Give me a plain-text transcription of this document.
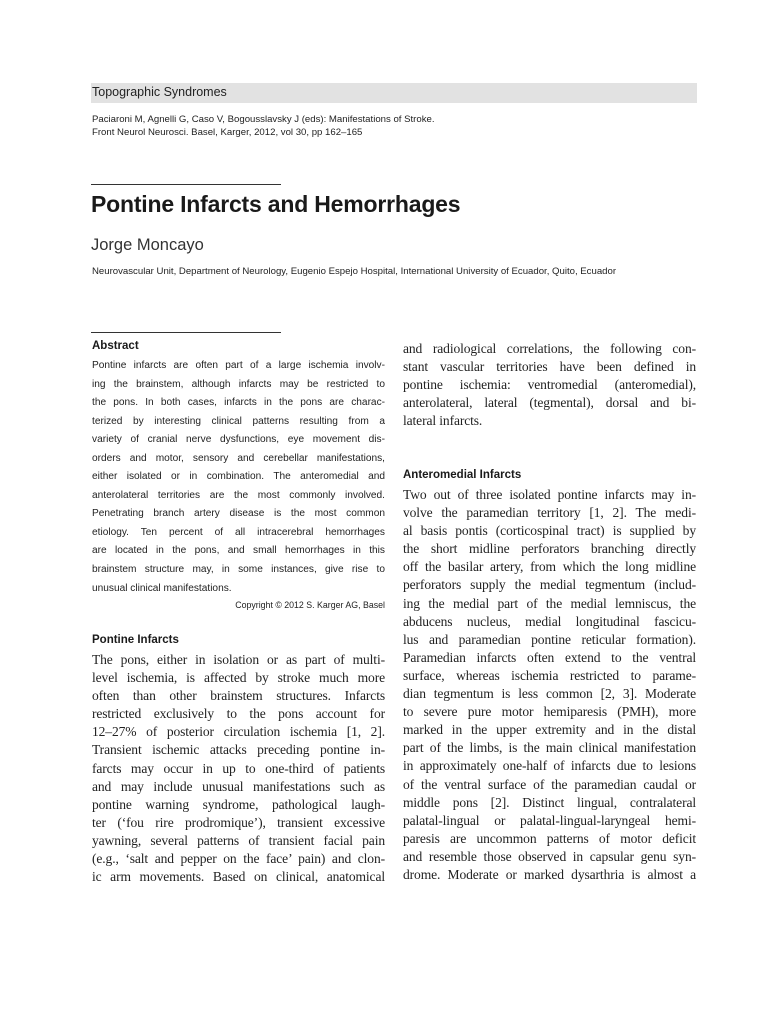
Topographic Syndromes
Paciaroni M, Agnelli G, Caso V, Bogousslavsky J (eds): Manifestations of Stroke.
Front Neurol Neurosci. Basel, Karger, 2012, vol 30, pp 162–165
Pontine Infarcts and Hemorrhages
Jorge Moncayo
Neurovascular Unit, Department of Neurology, Eugenio Espejo Hospital, International University of Ecuador, Quito, Ecuador
Abstract
Pontine infarcts are often part of a large ischemia involv-
ing the brainstem, although infarcts may be restricted to
the pons. In both cases, infarcts in the pons are charac-
terized by interesting clinical patterns resulting from a
variety of cranial nerve dysfunctions, eye movement dis-
orders and motor, sensory and cerebellar manifestations,
either isolated or in combination. The anteromedial and
anterolateral territories are the most commonly involved.
Penetrating branch artery disease is the most common
etiology. Ten percent of all intracerebral hemorrhages
are located in the pons, and small hemorrhages in this
brainstem structure may, in some instances, give rise to
unusual clinical manifestations.
Copyright © 2012 S. Karger AG, Basel
Pontine Infarcts
The pons, either in isolation or as part of multi-
level ischemia, is affected by stroke much more
often than other brainstem structures. Infarcts
restricted exclusively to the pons account for
12–27% of posterior circulation ischemia [1, 2].
Transient ischemic attacks preceding pontine in-
farcts may occur in up to one-third of patients
and may include unusual manifestations such as
pontine warning syndrome, pathological laugh-
ter (‘fou rire prodromique’), transient excessive
yawning, several patterns of transient facial pain
(e.g., ‘salt and pepper on the face’ pain) and clon-
ic arm movements. Based on clinical, anatomical
and radiological correlations, the following con-
stant vascular territories have been defined in
pontine ischemia: ventromedial (anteromedial),
anterolateral, lateral (tegmental), dorsal and bi-
lateral infarcts.
Anteromedial Infarcts
Two out of three isolated pontine infarcts may in-
volve the paramedian territory [1, 2]. The medi-
al basis pontis (corticospinal tract) is supplied by
the short midline perforators branching directly
off the basilar artery, from which the long midline
perforators supply the medial tegmentum (includ-
ing the medial part of the medial lemniscus, the
abducens nucleus, medial longitudinal fascicu-
lus and paramedian pontine reticular formation).
Paramedian infarcts often extend to the ventral
surface, whereas ischemia restricted to parame-
dian tegmentum is less common [2, 3]. Moderate
to severe pure motor hemiparesis (PMH), more
marked in the upper extremity and in the distal
part of the limbs, is the main clinical manifestation
in approximately one-half of infarcts due to lesions
of the ventral surface of the paramedian caudal or
middle pons [2]. Distinct lingual, contralateral
palatal-lingual or palatal-lingual-laryngeal hemi-
paresis are uncommon patterns of motor deficit
and resemble those observed in capsular genu syn-
drome. Moderate or marked dysarthria is almost a
